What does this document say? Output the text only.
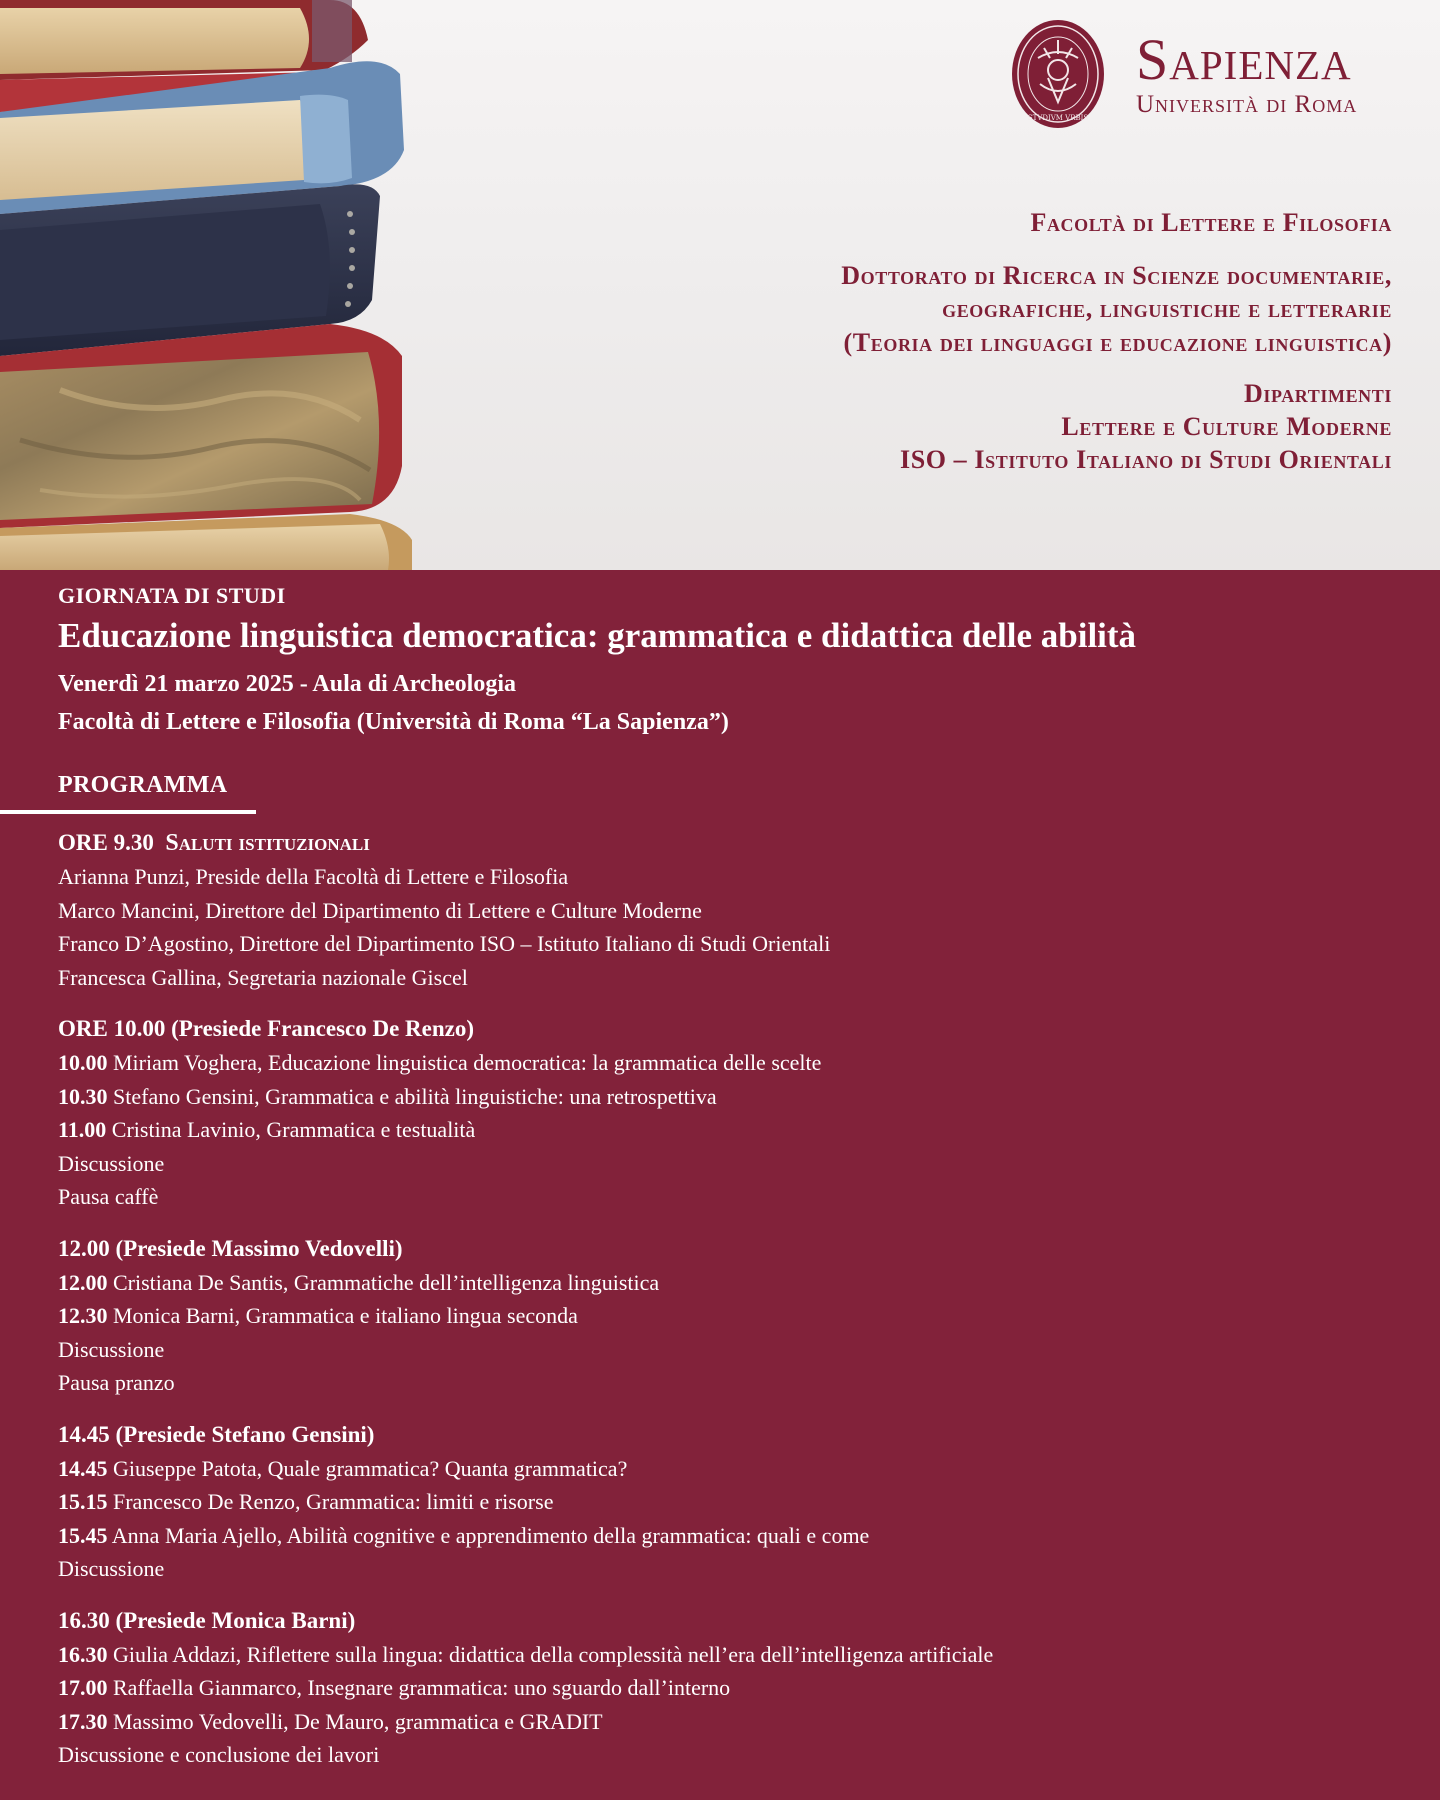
STVDIVM VRBIS
Sapienza
Università di Roma
Facoltà di Lettere e Filosofia
Dottorato di Ricerca in Scienze documentarie,
geografiche, linguistiche e letterarie
(Teoria dei linguaggi e educazione linguistica)
Dipartimenti
Lettere e Culture Moderne
ISO – Istituto Italiano di Studi Orientali
GIORNATA DI STUDI
Educazione linguistica democratica: grammatica e didattica delle abilità
Venerdì 21 marzo 2025 - Aula di Archeologia
Facoltà di Lettere e Filosofia (Università di Roma “La Sapienza”)
PROGRAMMA
ORE 9.30 Saluti istituzionali
Arianna Punzi, Preside della Facoltà di Lettere e Filosofia
Marco Mancini, Direttore del Dipartimento di Lettere e Culture Moderne
Franco D’Agostino, Direttore del Dipartimento ISO – Istituto Italiano di Studi Orientali
Francesca Gallina, Segretaria nazionale Giscel
ORE 10.00 (Presiede Francesco De Renzo)
10.00 Miriam Voghera, Educazione linguistica democratica: la grammatica delle scelte
10.30 Stefano Gensini, Grammatica e abilità linguistiche: una retrospettiva
11.00 Cristina Lavinio, Grammatica e testualità
Discussione
Pausa caffè
12.00 (Presiede Massimo Vedovelli)
12.00 Cristiana De Santis, Grammatiche dell’intelligenza linguistica
12.30 Monica Barni, Grammatica e italiano lingua seconda
Discussione
Pausa pranzo
14.45 (Presiede Stefano Gensini)
14.45 Giuseppe Patota, Quale grammatica? Quanta grammatica?
15.15 Francesco De Renzo, Grammatica: limiti e risorse
15.45 Anna Maria Ajello, Abilità cognitive e apprendimento della grammatica: quali e come
Discussione
16.30 (Presiede Monica Barni)
16.30 Giulia Addazi, Riflettere sulla lingua: didattica della complessità nell’era dell’intelligenza artificiale
17.00 Raffaella Gianmarco, Insegnare grammatica: uno sguardo dall’interno
17.30 Massimo Vedovelli, De Mauro, grammatica e GRADIT
Discussione e conclusione dei lavori
